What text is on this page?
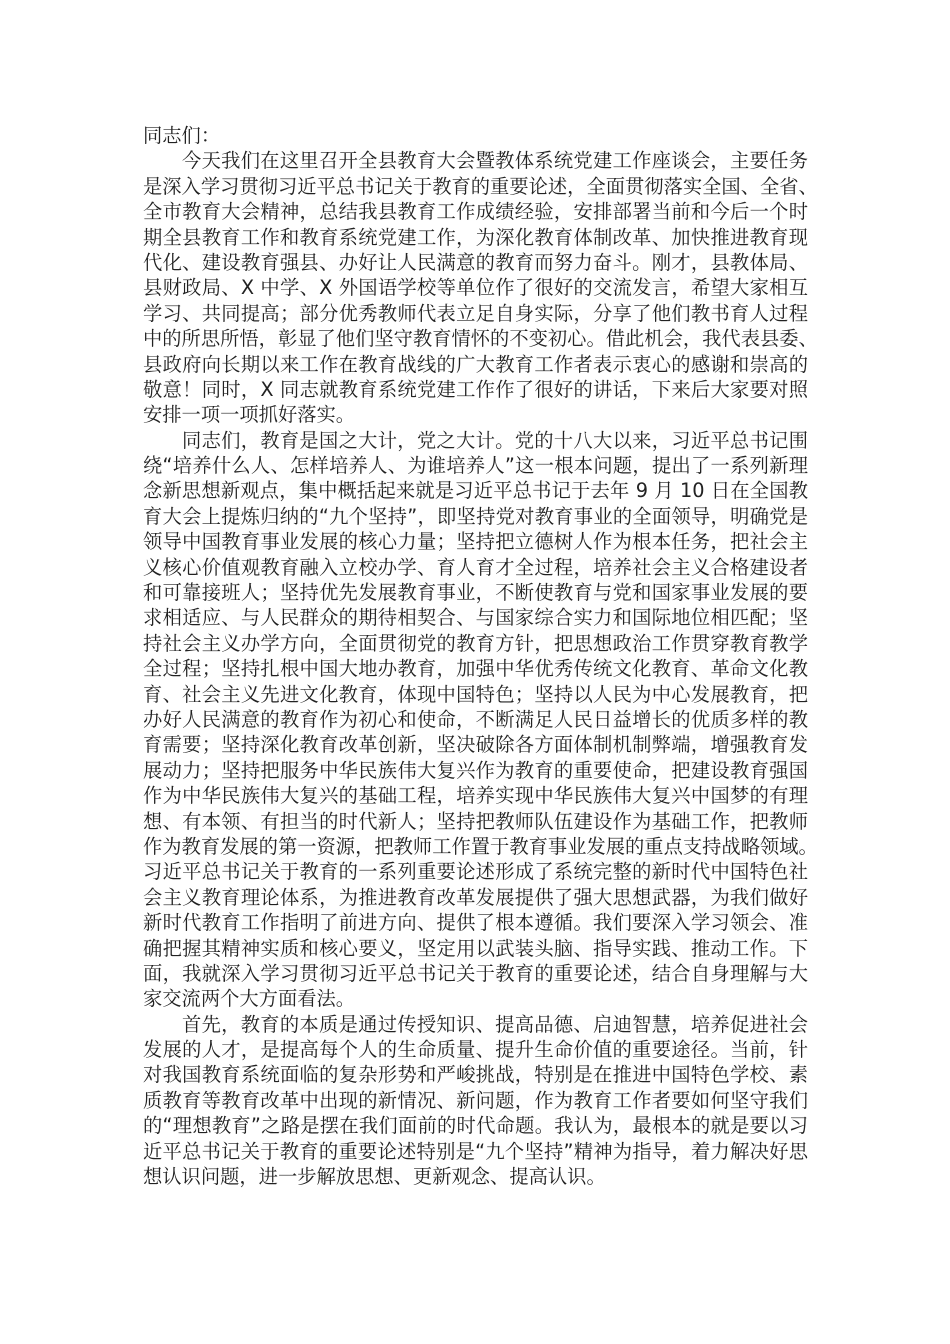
同志们：
今天我们在这里召开全县教育大会暨教体系统党建工作座谈会，主要任务
是深入学习贯彻习近平总书记关于教育的重要论述，全面贯彻落实全国、全省、
全市教育大会精神，总结我县教育工作成绩经验，安排部署当前和今后一个时
期全县教育工作和教育系统党建工作，为深化教育体制改革、加快推进教育现
代化、建设教育强县、办好让人民满意的教育而努力奋斗。刚才，县教体局、
县财政局、X 中学、X 外国语学校等单位作了很好的交流发言，希望大家相互
学习、共同提高；部分优秀教师代表立足自身实际，分享了他们教书育人过程
中的所思所悟，彰显了他们坚守教育情怀的不变初心。借此机会，我代表县委、
县政府向长期以来工作在教育战线的广大教育工作者表示衷心的感谢和崇高的
敬意！同时，X 同志就教育系统党建工作作了很好的讲话，下来后大家要对照
安排一项一项抓好落实。
同志们，教育是国之大计，党之大计。党的十八大以来，习近平总书记围
绕“培养什么人、怎样培养人、为谁培养人”这一根本问题，提出了一系列新理
念新思想新观点，集中概括起来就是习近平总书记于去年 9 月 10 日在全国教
育大会上提炼归纳的“九个坚持”，即坚持党对教育事业的全面领导，明确党是
领导中国教育事业发展的核心力量；坚持把立德树人作为根本任务，把社会主
义核心价值观教育融入立校办学、育人育才全过程，培养社会主义合格建设者
和可靠接班人；坚持优先发展教育事业，不断使教育与党和国家事业发展的要
求相适应、与人民群众的期待相契合、与国家综合实力和国际地位相匹配；坚
持社会主义办学方向，全面贯彻党的教育方针，把思想政治工作贯穿教育教学
全过程；坚持扎根中国大地办教育，加强中华优秀传统文化教育、革命文化教
育、社会主义先进文化教育，体现中国特色；坚持以人民为中心发展教育，把
办好人民满意的教育作为初心和使命，不断满足人民日益增长的优质多样的教
育需要；坚持深化教育改革创新，坚决破除各方面体制机制弊端，增强教育发
展动力；坚持把服务中华民族伟大复兴作为教育的重要使命，把建设教育强国
作为中华民族伟大复兴的基础工程，培养实现中华民族伟大复兴中国梦的有理
想、有本领、有担当的时代新人；坚持把教师队伍建设作为基础工作，把教师
作为教育发展的第一资源，把教师工作置于教育事业发展的重点支持战略领域。
习近平总书记关于教育的一系列重要论述形成了系统完整的新时代中国特色社
会主义教育理论体系，为推进教育改革发展提供了强大思想武器，为我们做好
新时代教育工作指明了前进方向、提供了根本遵循。我们要深入学习领会、准
确把握其精神实质和核心要义，坚定用以武装头脑、指导实践、推动工作。下
面，我就深入学习贯彻习近平总书记关于教育的重要论述，结合自身理解与大
家交流两个大方面看法。
首先，教育的本质是通过传授知识、提高品德、启迪智慧，培养促进社会
发展的人才，是提高每个人的生命质量、提升生命价值的重要途径。当前，针
对我国教育系统面临的复杂形势和严峻挑战，特别是在推进中国特色学校、素
质教育等教育改革中出现的新情况、新问题，作为教育工作者要如何坚守我们
的“理想教育”之路是摆在我们面前的时代命题。我认为，最根本的就是要以习
近平总书记关于教育的重要论述特别是“九个坚持”精神为指导，着力解决好思
想认识问题，进一步解放思想、更新观念、提高认识。
